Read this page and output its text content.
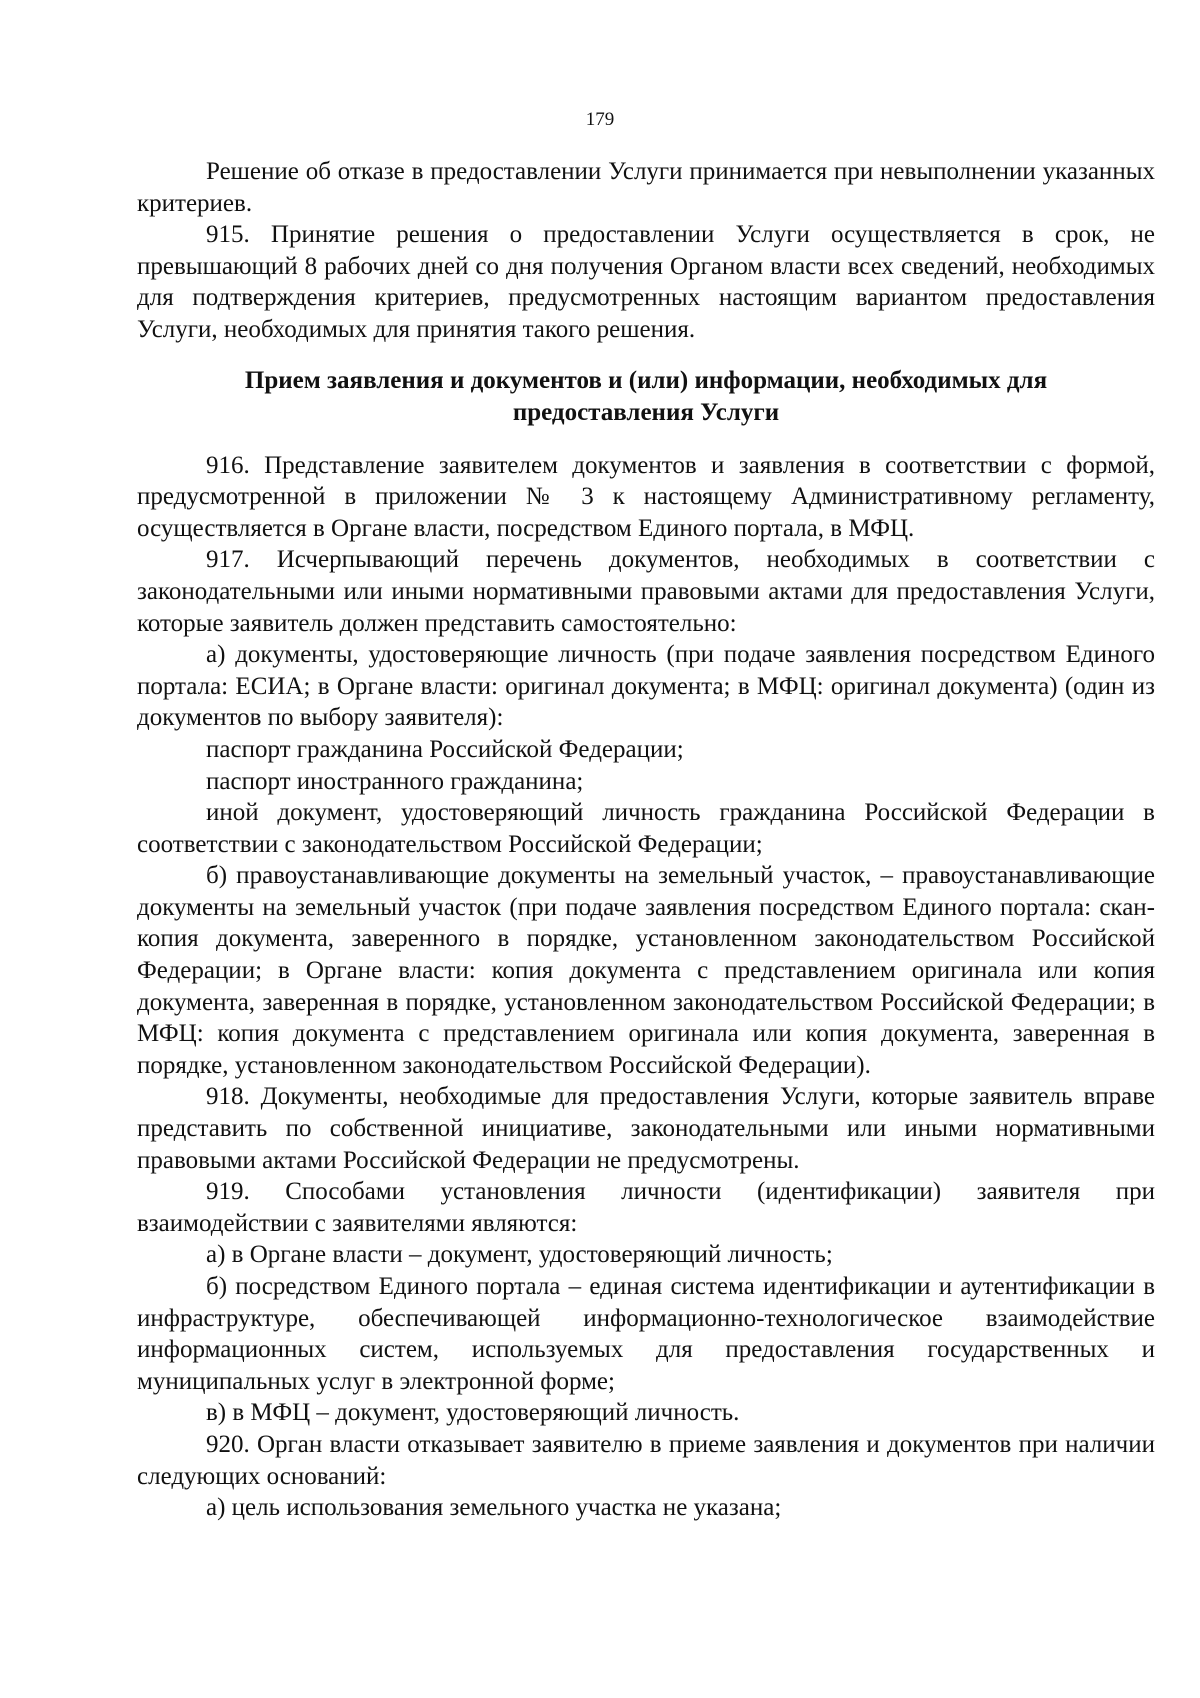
179

Решение об отказе в предоставлении Услуги принимается при невыполнении указанных критериев.

915. Принятие решения о предоставлении Услуги осуществляется в срок, не превышающий 8 рабочих дней со дня получения Органом власти всех сведений, необходимых для подтверждения критериев, предусмотренных настоящим вариантом предоставления Услуги, необходимых для принятия такого решения.

Прием заявления и документов и (или) информации, необходимых для предоставления Услуги

916. Представление заявителем документов и заявления в соответствии с формой, предусмотренной в приложении № 3 к настоящему Административному регламенту, осуществляется в Органе власти, посредством Единого портала, в МФЦ.

917. Исчерпывающий перечень документов, необходимых в соответствии с законодательными или иными нормативными правовыми актами для предоставления Услуги, которые заявитель должен представить самостоятельно:

а) документы, удостоверяющие личность (при подаче заявления посредством Единого портала: ЕСИА; в Органе власти: оригинал документа; в МФЦ: оригинал документа) (один из документов по выбору заявителя):

паспорт гражданина Российской Федерации;

паспорт иностранного гражданина;

иной документ, удостоверяющий личность гражданина Российской Федерации в соответствии с законодательством Российской Федерации;

б) правоустанавливающие документы на земельный участок, – правоустанавливающие документы на земельный участок (при подаче заявления посредством Единого портала: скан-копия документа, заверенного в порядке, установленном законодательством Российской Федерации; в Органе власти: копия документа с представлением оригинала или копия документа, заверенная в порядке, установленном законодательством Российской Федерации; в МФЦ: копия документа с представлением оригинала или копия документа, заверенная в порядке, установленном законодательством Российской Федерации).

918. Документы, необходимые для предоставления Услуги, которые заявитель вправе представить по собственной инициативе, законодательными или иными нормативными правовыми актами Российской Федерации не предусмотрены.

919. Способами установления личности (идентификации) заявителя при взаимодействии с заявителями являются:

а) в Органе власти – документ, удостоверяющий личность;

б) посредством Единого портала – единая система идентификации и аутентификации в инфраструктуре, обеспечивающей информационно-технологическое взаимодействие информационных систем, используемых для предоставления государственных и муниципальных услуг в электронной форме;

в) в МФЦ – документ, удостоверяющий личность.

920. Орган власти отказывает заявителю в приеме заявления и документов при наличии следующих оснований:

а) цель использования земельного участка не указана;
